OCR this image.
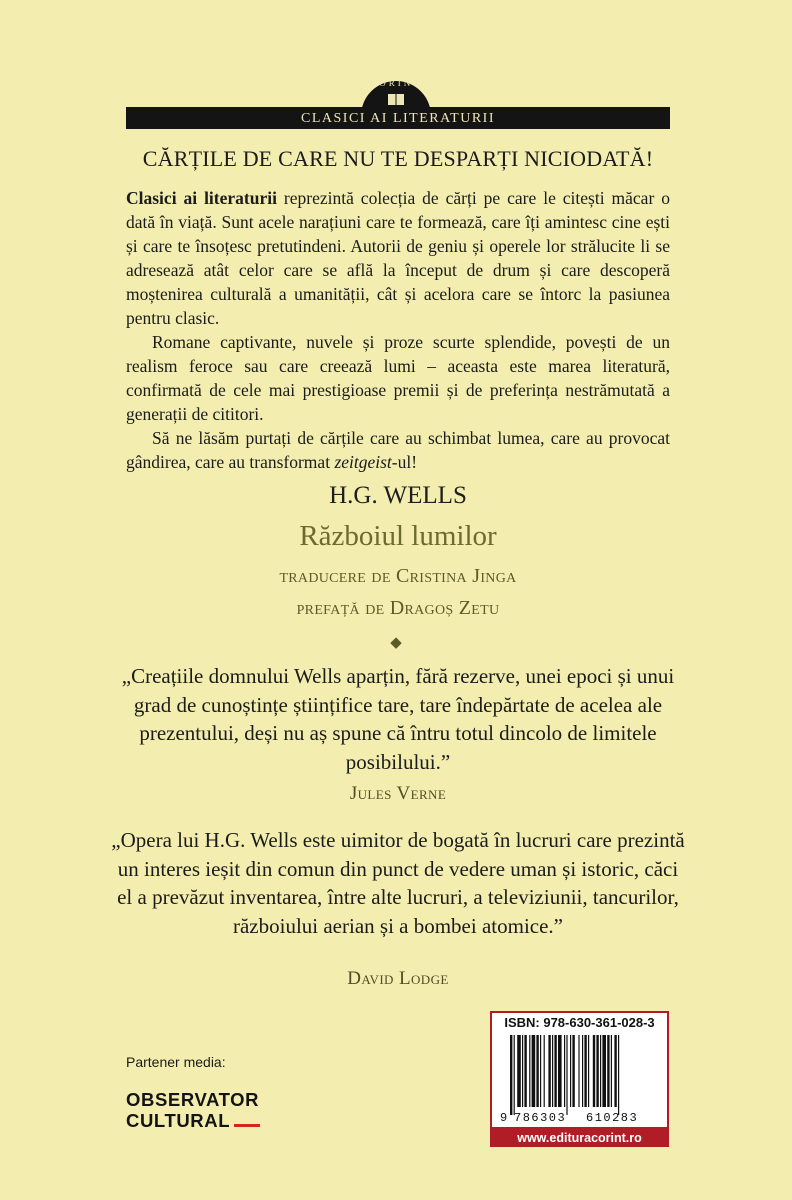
CORINT
CLASICI AI LITERATURII
CĂRȚILE DE CARE NU TE DESPARȚI NICIODATĂ!

Clasici ai literaturii reprezintă colecția de cărți pe care le citești măcar o dată în viață. Sunt acele narațiuni care te formează, care îți amintesc cine ești și care te însoțesc pretutindeni. Autorii de geniu și operele lor strălucite li se adresează atât celor care se află la început de drum și care descoperă moștenirea culturală a umanității, cât și acelora care se întorc la pasiunea pentru clasic.

Romane captivante, nuvele și proze scurte splendide, povești de un realism feroce sau care creează lumi – aceasta este marea literatură, confirmată de cele mai prestigioase premii și de preferința nestrămutată a generații de cititori.

Să ne lăsăm purtați de cărțile care au schimbat lumea, care au provocat gândirea, care au transformat zeitgeist-ul!

H.G. WELLS
Războiul lumilor
traducere de Cristina Jinga
prefață de Dragoș Zetu
◆
„Creațiile domnului Wells aparțin, fără rezerve, unei epoci și unui grad de cunoștințe științifice tare, tare îndepărtate de acelea ale prezentului, deși nu aș spune că întru totul dincolo de limitele posibilului.”
Jules Verne
„Opera lui H.G. Wells este uimitor de bogată în lucruri care prezintă un interes ieșit din comun din punct de vedere uman și istoric, căci el a prevăzut inventarea, între alte lucruri, a televiziunii, tancurilor, războiului aerian și a bombei atomice.”
David Lodge
Partener media:
OBSERVATOR
CULTURAL
ISBN: 978-630-361-028-3
9 786303 610283
www.edituracorint.ro
